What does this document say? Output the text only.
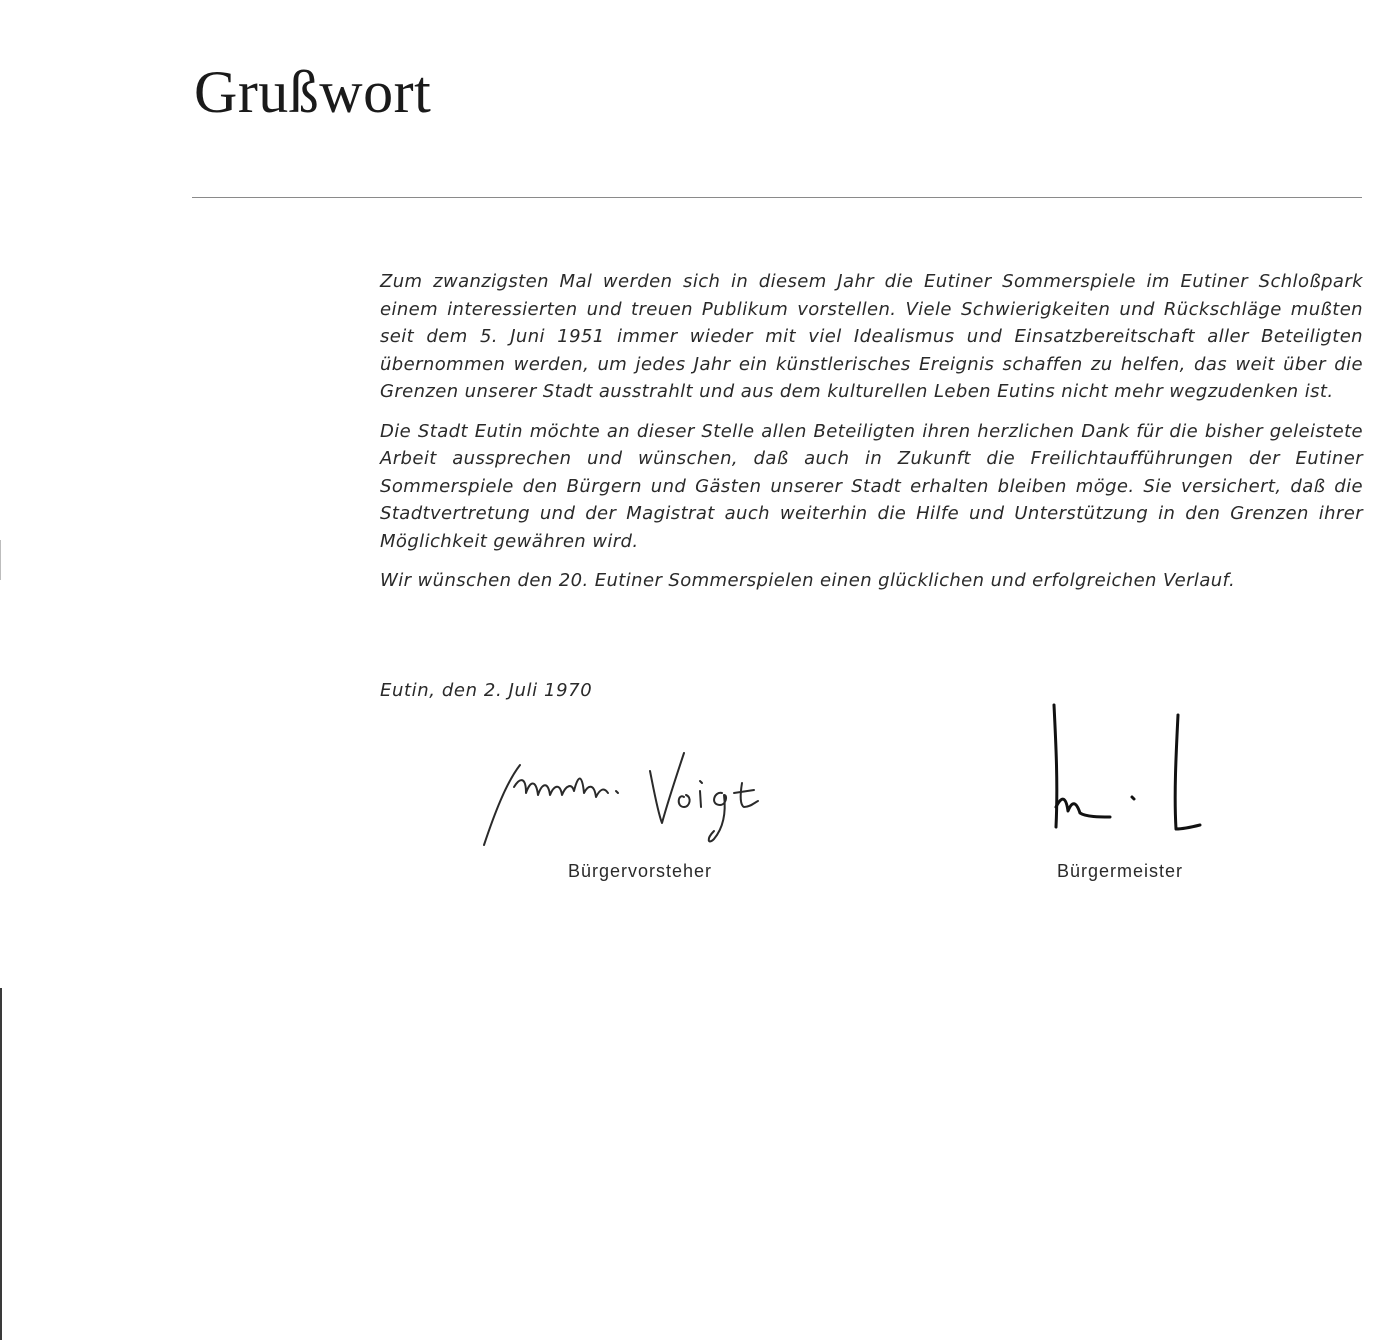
Grußwort

Zum zwanzigsten Mal werden sich in diesem Jahr die Eutiner Sommerspiele im Eutiner Schloßpark einem interessierten und treuen Publikum vorstellen. Viele Schwierigkeiten und Rückschläge mußten seit dem 5. Juni 1951 immer wieder mit viel Idealismus und Einsatzbereitschaft aller Beteiligten übernommen werden, um jedes Jahr ein künstlerisches Ereignis schaffen zu helfen, das weit über die Grenzen unserer Stadt ausstrahlt und aus dem kulturellen Leben Eutins nicht mehr wegzudenken ist.

Die Stadt Eutin möchte an dieser Stelle allen Beteiligten ihren herzlichen Dank für die bisher geleistete Arbeit aussprechen und wünschen, daß auch in Zukunft die Freilichtaufführungen der Eutiner Sommerspiele den Bürgern und Gästen unserer Stadt erhalten bleiben möge. Sie versichert, daß die Stadtvertretung und der Magistrat auch weiterhin die Hilfe und Unterstützung in den Grenzen ihrer Möglichkeit gewähren wird.

Wir wünschen den 20. Eutiner Sommerspielen einen glücklichen und erfolgreichen Verlauf.

Eutin, den 2. Juli 1970
Bürgervorsteher	Bürgermeister
